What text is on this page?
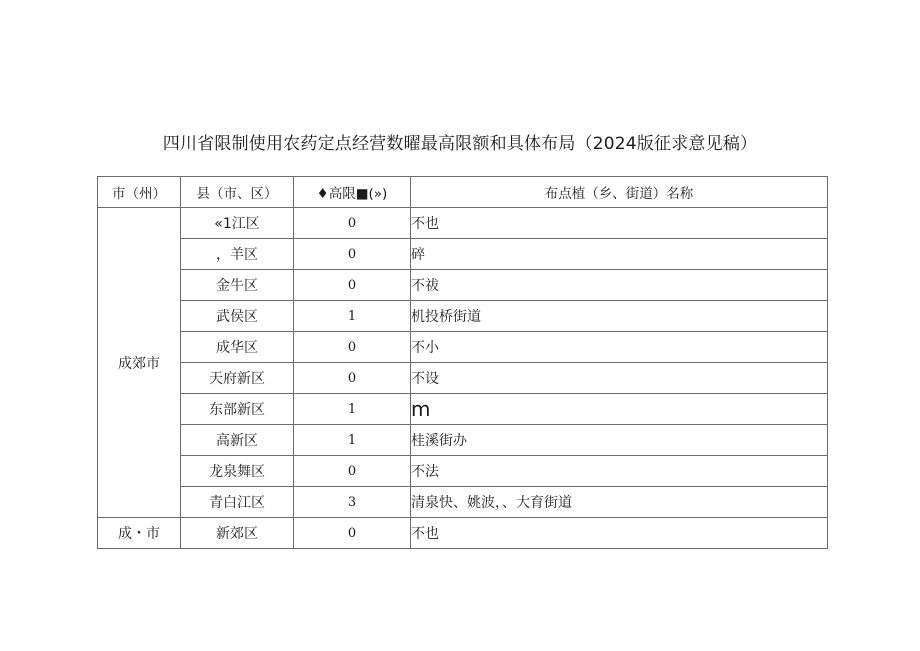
四川省限制使用农药定点经营数曜最高限额和具体布局（2024版征求意见稿）
市（州）	县（市、区）	♦高限■(»)	布点植（乡、街道）名称
成郊市	«1江区	0	不也
	，羊区	0	碎
	金牛区	0	不祓
	武侯区	1	机投桥街道
	成华区	0	不小
	天府新区	0	不设
	东部新区	1	m
	高新区	1	桂溪街办
	龙泉舞区	0	不法
	青白江区	3	清泉快、姚波，、大育街道
成・市	新郊区	0	不也
